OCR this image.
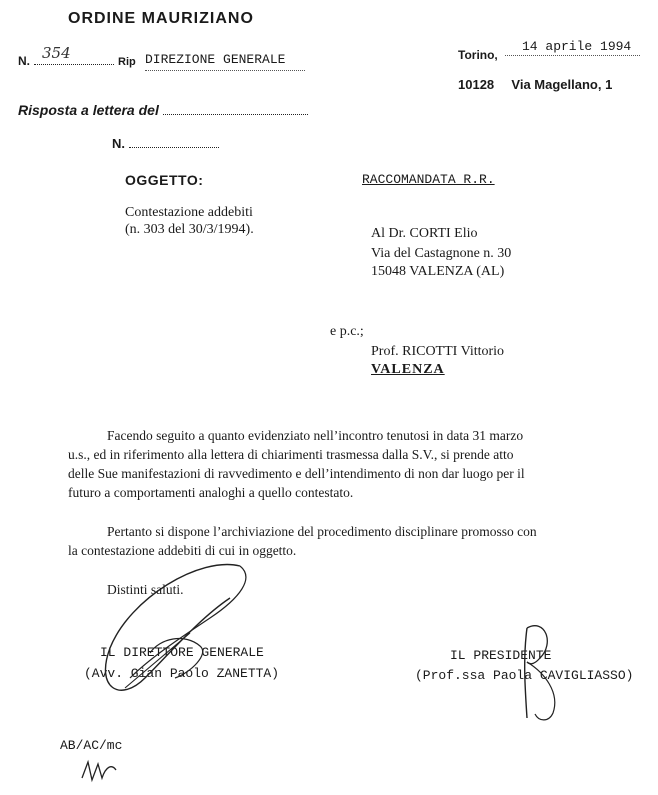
ORDINE MAURIZIANO
N. 354	Rip DIREZIONE GENERALE	Torino,
14 aprile 1994
10128 Via Magellano, 1
Risposta a lettera del
N.
OGGETTO:
Contestazione addebiti
(n. 303 del 30/3/1994).
RACCOMANDATA R.R.
Al Dr. CORTI Elio
Via del Castagnone n. 30
15048 VALENZA (AL)
e p.c.;
Prof. RICOTTI Vittorio
VALENZA
Facendo seguito a quanto evidenziato nell’incontro tenutosi in data 31 marzo
u.s., ed in riferimento alla lettera di chiarimenti trasmessa dalla S.V., si prende atto
delle Sue manifestazioni di ravvedimento e dell’intendimento di non dar luogo per il
futuro a comportamenti analoghi a quello contestato.
Pertanto si dispone l’archiviazione del procedimento disciplinare promosso con
la contestazione addebiti di cui in oggetto.
Distinti saluti.
IL DIRETTORE GENERALE
(Avv. Gian Paolo ZANETTA)
IL PRESIDENTE
(Prof.ssa Paola CAVIGLIASSO)
AB/AC/mc
